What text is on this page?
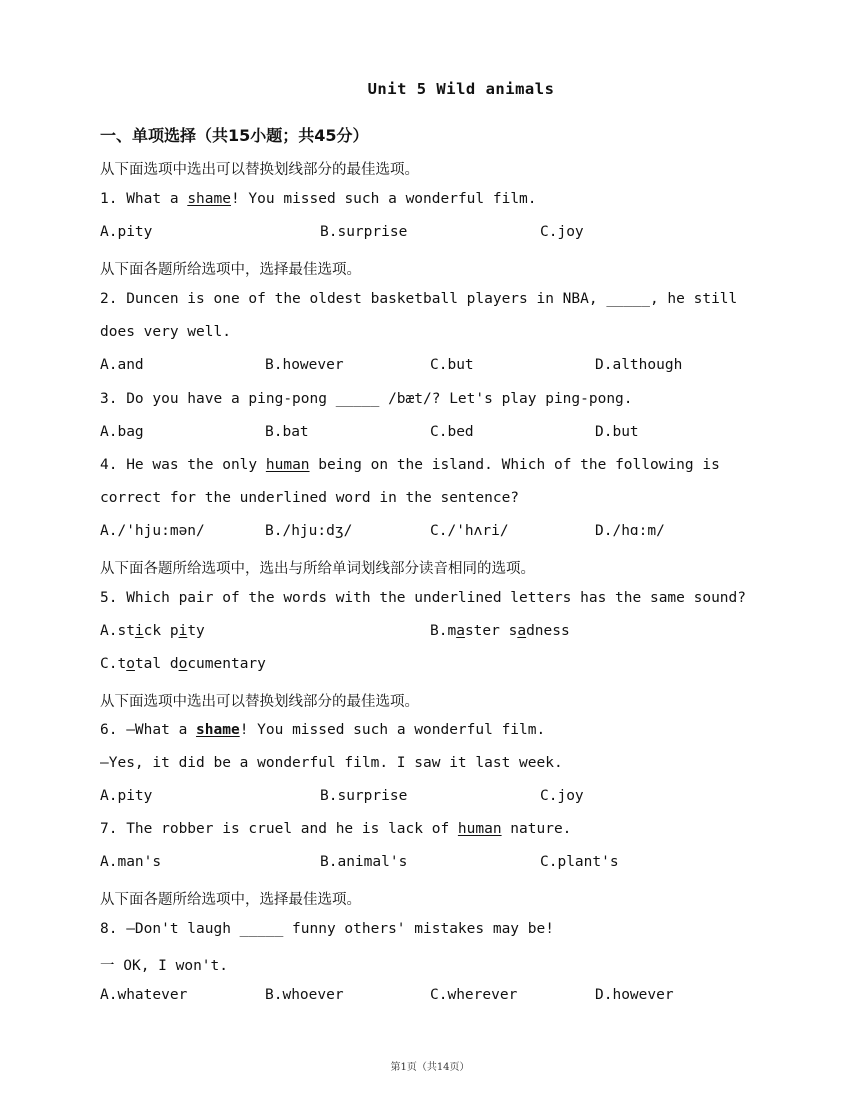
Unit 5 Wild animals
一、单项选择（共15小题；共45分）
从下面选项中选出可以替换划线部分的最佳选项。
1. What a shame! You missed such a wonderful film.
A.pity	B.surprise	C.joy
从下面各题所给选项中，选择最佳选项。
2. Duncen is one of the oldest basketball players in NBA, _____, he still
does very well.
A.and	B.however	C.but	D.although
3. Do you have a ping-pong _____ /bæt/? Let's play ping-pong.
A.bag	B.bat	C.bed	D.but
4. He was the only human being on the island. Which of the following is
correct for the underlined word in the sentence?
A./'hju:mən/	B./hju:dʒ/	C./'hʌri/	D./hɑ:m/
从下面各题所给选项中，选出与所给单词划线部分读音相同的选项。
5. Which pair of the words with the underlined letters has the same sound?
A.stick pity	B.master sadness
C.total documentary
从下面选项中选出可以替换划线部分的最佳选项。
6. —What a shame! You missed such a wonderful film.
—Yes, it did be a wonderful film. I saw it last week.
A.pity	B.surprise	C.joy
7. The robber is cruel and he is lack of human nature.
A.man's	B.animal's	C.plant's
从下面各题所给选项中，选择最佳选项。
8. —Don't laugh _____ funny others' mistakes may be!
一 OK, I won't.
A.whatever	B.whoever	C.wherever	D.however
第1页（共14页）
